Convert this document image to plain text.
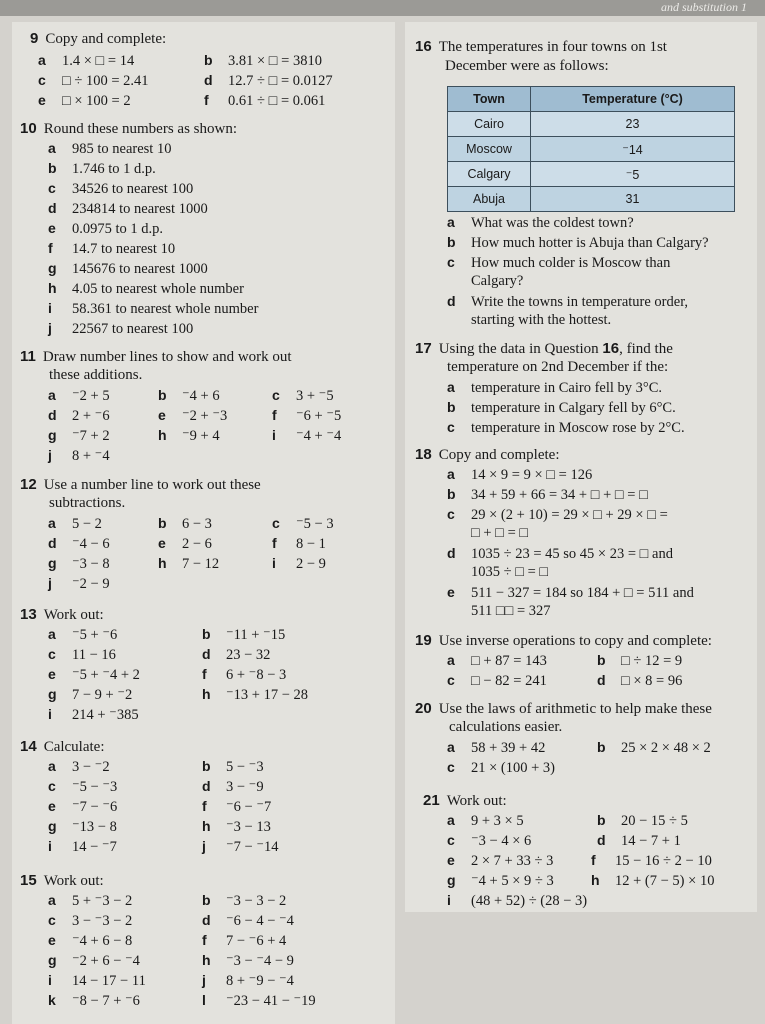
and substitution 1
9 Copy and complete:
a 1.4 × □ = 14	b 3.81 × □ = 3810
c □ ÷ 100 = 2.41	d 12.7 ÷ □ = 0.0127
e □ × 100 = 2	f 0.61 ÷ □ = 0.061
10 Round these numbers as shown:
a 985 to nearest 10
b 1.746 to 1 d.p.
c 34526 to nearest 100
d 234814 to nearest 1000
e 0.0975 to 1 d.p.
f 14.7 to nearest 10
g 145676 to nearest 1000
h 4.05 to nearest whole number
i 58.361 to nearest whole number
j 22567 to nearest 100
11 Draw number lines to show and work out
these additions.
a ⁻2 + 5	b ⁻4 + 6	c 3 + ⁻5
d 2 + ⁻6	e ⁻2 + ⁻3	f ⁻6 + ⁻5
g ⁻7 + 2	h ⁻9 + 4	i ⁻4 + ⁻4
j 8 + ⁻4
12 Use a number line to work out these
subtractions.
a 5 − 2	b 6 − 3	c ⁻5 − 3
d ⁻4 − 6	e 2 − 6	f 8 − 1
g ⁻3 − 8	h 7 − 12	i 2 − 9
j ⁻2 − 9
13 Work out:
a ⁻5 + ⁻6	b ⁻11 + ⁻15
c 11 − 16	d 23 − 32
e ⁻5 + ⁻4 + 2	f 6 + ⁻8 − 3
g 7 − 9 + ⁻2	h ⁻13 + 17 − 28
i 214 + ⁻385
14 Calculate:
a 3 − ⁻2	b 5 − ⁻3
c ⁻5 − ⁻3	d 3 − ⁻9
e ⁻7 − ⁻6	f ⁻6 − ⁻7
g ⁻13 − 8	h ⁻3 − 13
i 14 − ⁻7	j ⁻7 − ⁻14
15 Work out:
a 5 + ⁻3 − 2	b ⁻3 − 3 − 2
c 3 − ⁻3 − 2	d ⁻6 − 4 − ⁻4
e ⁻4 + 6 − 8	f 7 − ⁻6 + 4
g ⁻2 + 6 − ⁻4	h ⁻3 − ⁻4 − 9
i 14 − 17 − 11	j 8 + ⁻9 − ⁻4
k ⁻8 − 7 + ⁻6	l ⁻23 − 41 − ⁻19
16 The temperatures in four towns on 1st
December were as follows:
Town	Temperature (°C)
Cairo	23
Moscow	⁻14
Calgary	⁻5
Abuja	31
a What was the coldest town?
b How much hotter is Abuja than Calgary?
c How much colder is Moscow than
Calgary?
d Write the towns in temperature order,
starting with the hottest.
17 Using the data in Question 16, find the
temperature on 2nd December if the:
a temperature in Cairo fell by 3°C.
b temperature in Calgary fell by 6°C.
c temperature in Moscow rose by 2°C.
18 Copy and complete:
a 14 × 9 = 9 × □ = 126
b 34 + 59 + 66 = 34 + □ + □ = □
c 29 × (2 + 10) = 29 × □ + 29 × □ =
□ + □ = □
d 1035 ÷ 23 = 45 so 45 × 23 = □ and
1035 ÷ □ = □
e 511 − 327 = 184 so 184 + □ = 511 and
511 □□ = 327
19 Use inverse operations to copy and complete:
a □ + 87 = 143	b □ ÷ 12 = 9
c □ − 82 = 241	d □ × 8 = 96
20 Use the laws of arithmetic to help make these
calculations easier.
a 58 + 39 + 42	b 25 × 2 × 48 × 2
c 21 × (100 + 3)
21 Work out:
a 9 + 3 × 5	b 20 − 15 ÷ 5
c ⁻3 − 4 × 6	d 14 − 7 + 1
e 2 × 7 + 33 ÷ 3	f 15 − 16 ÷ 2 − 10
g ⁻4 + 5 × 9 ÷ 3	h 12 + (7 − 5) × 10
i (48 + 52) ÷ (28 − 3)
